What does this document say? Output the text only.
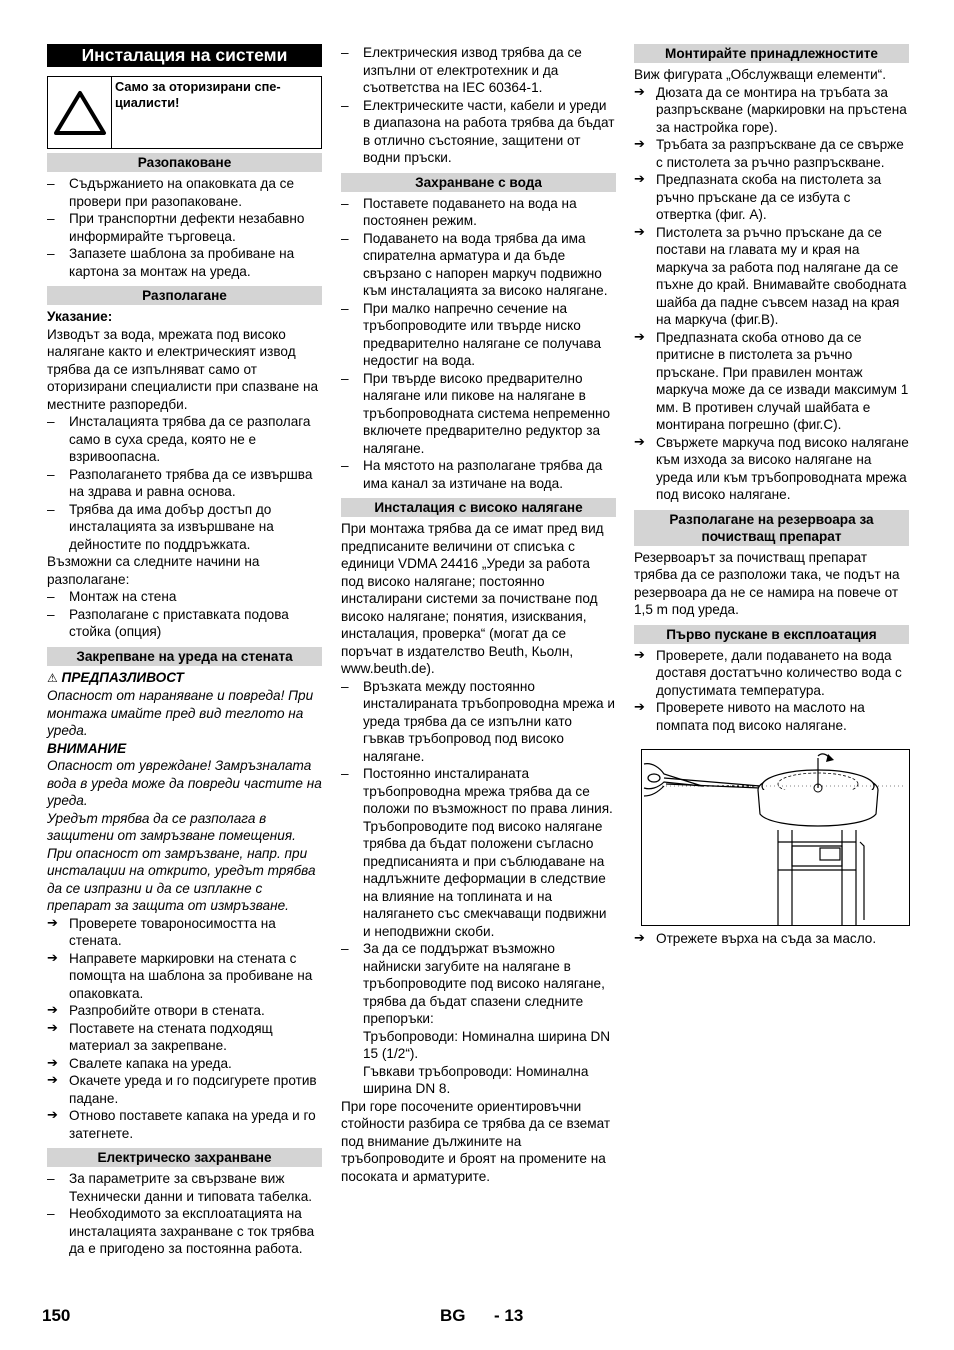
Инсталация на системи
Само за оторизирани спе-
циалисти!
Разопаковане
– Съдържанието на опаковката да се провери при разопаковане.
– При транспортни дефекти незабавно информирайте търговеца.
– Запазете шаблона за пробиване на картона за монтаж на уреда.
Разполагане

Указание:

Изводът за вода, мрежата под високо налягане както и електрическият извод трябва да се изпълняват само от оторизирани специалисти при спазване на местните разпоредби.

– Инсталацията трябва да се разполага само в суха среда, която не е взривоопасна.
– Разполагането трябва да се извършва на здрава и равна основа.
– Трябва да има добър достъп до инсталацията за извършване на дейностите по поддръжката.

Възможни са следните начини на разполагане:

– Монтаж на стена
– Разполагане с приставката подова стойка (опция)
Закрепване на уреда на стената

⚠ ПРЕДПАЗЛИВОСТ

Опасност от нараняване и повреда! При монтажа имайте пред вид теглото на уреда.

ВНИМАНИЕ

Опасност от увреждане! Замръзналата вода в уреда може да повреди частите на уреда.

Уредът трябва да се разполага в защитени от замръзване помещения. При опасност от замръзване, напр. при инсталации на открито, уредът трябва да се изпразни и да се изплакне с препарат за защита от измръзване.

➔ Проверете товароносимостта на стената.
➔ Направете маркировки на стената с помощта на шаблона за пробиване на опаковката.
➔ Разпробийте отвори в стената.
➔ Поставете на стената подходящ материал за закрепване.
➔ Свалете капака на уреда.
➔ Окачете уреда и го подсигурете против падане.
➔ Отново поставете капака на уреда и го затегнете.
Електрическо захранване
– За параметрите за свързване виж Технически данни и типовата табелка.
– Необходимото за експлоатацията на инсталацията захранване с ток трябва да е пригодено за постоянна работа.
– Електрическия извод трябва да се изпълни от електротехник и да съответства на IEC 60364-1.
– Електрическите части, кабели и уреди в диапазона на работа трябва да бъдат в отлично състояние, защитени от водни пръски.
Захранване с вода
– Поставете подаването на вода на постоянен режим.
– Подаването на вода трябва да има спирателна арматура и да бъде свързано с напорен маркуч подвижно към инсталацията за високо налягане.
– При малко напречно сечение на тръбопроводите или твърде ниско предварително налягане се получава недостиг на вода.
– При твърде високо предварително налягане или пикове на налягане в тръбопроводната система непременно включете предварително редуктор за налягане.
– На мястото на разполагане трябва да има канал за изтичане на вода.
Инсталация с високо налягане

При монтажа трябва да се имат пред вид предписаните величини от списъка с единици VDMA 24416 „Уреди за работа под високо налягане; постоянно инсталирани системи за почистване под високо налягане; понятия, изисквания, инсталация, проверка“ (могат да се поръчат в издателство Beuth, Кьолн, www.beuth.de).

– Връзката между постоянно инсталираната тръбопроводна мрежа и уреда трябва да се изпълни като гъвкав тръбопровод под високо налягане.
– Постоянно инсталираната тръбопроводна мрежа трябва да се положи по възможност по права линия. Тръбопроводите под високо налягане трябва да бъдат положени съгласно предписанията и при съблюдаване на надлъжните деформации в следствие на влияние на топлината и на налягането със смекчаващи подвижни и неподвижни скоби.
– За да се поддържат възможно найниски загубите на налягане в тръбопроводите под високо налягане, трябва да бъдат спазени следните препоръки:

Тръбопроводи: Номинална ширина DN 15 (1/2“).

Гъвкави тръбопроводи: Номинална ширина DN 8.

При горе посочените ориентировъчни стойности разбира се трябва да се вземат под внимание дължините на тръбопроводите и броят на промените на посоката и арматурите.

Монтирайте принадлежностите

Виж фигурата „Обслужващи елементи“.

➔ Дюзата да се монтира на тръбата за разпръскване (маркировки на пръстена за настройка горе).
➔ Тръбата за разпръскване да се свърже с пистолета за ръчно разпръскване.
➔ Предпазната скоба на пистолета за ръчно пръскане да се избута с отвертка (фиг. A).
➔ Пистолета за ръчно пръскане да се постави на главата му и края на маркуча за работа под налягане да се пъхне до край. Внимавайте свободната шайба да падне съвсем назад на края на маркуча (фиг.B).
➔ Предпазната скоба отново да се притисне в пистолета за ръчно пръскане. При правилен монтаж маркуча може да се извади максимум 1 мм. В противен случай шайбата е монтирана погрешно (фиг.C).
➔ Свържете маркуча под високо налягане към изхода за високо налягане на уреда или към тръбопроводната мрежа под високо налягане.
Разполагане на резервоара за почистващ препарат

Резервоарът за почистващ препарат трябва да се разположи така, че подът на резервоара да не се намира на повече от 1,5 m под уреда.

Първо пускане в експлоатация
➔ Проверете, дали подаването на вода доставя достатъчно количество вода с допустимата температура.
➔ Проверете нивото на маслото на помпата под високо налягане.
➔ Отрежете върха на съда за масло.
150	BG - 13
